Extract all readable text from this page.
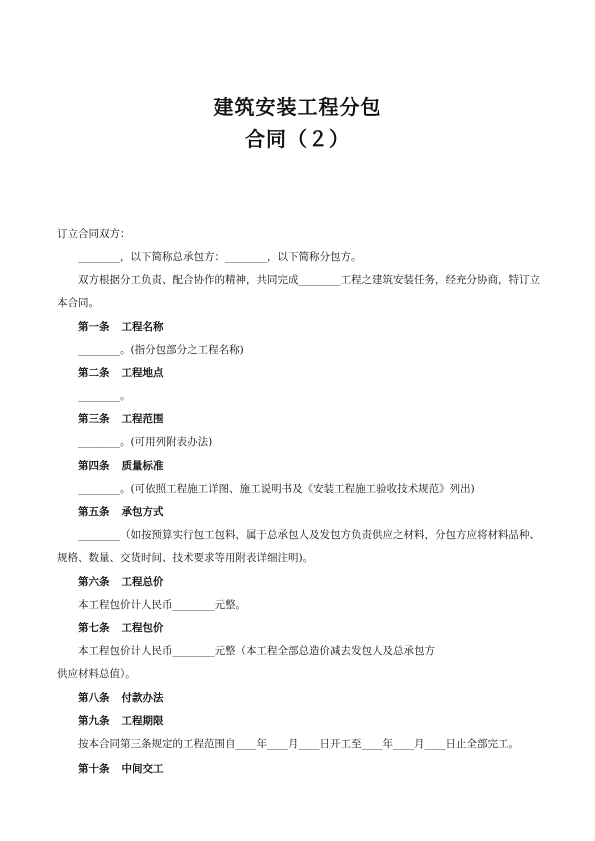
建筑安装工程分包
合同（２）
订立合同双方：
________，以下简称总承包方：________，以下简称分包方。
双方根据分工负责、配合协作的精神，共同完成________工程之建筑安装任务，经充分协商，特订立
本合同。
第一条 工程名称
________。(指分包部分之工程名称)
第二条 工程地点
________。
第三条 工程范围
________。(可用列附表办法)
第四条 质量标准
________。(可依照工程施工详图、施工说明书及《安装工程施工验收技术规范》列出)
第五条 承包方式
________（如按预算实行包工包料，属于总承包人及发包方负责供应之材料，分包方应将材料品种、
规格、数量、交货时间、技术要求等用附表详细注明)。
第六条 工程总价
本工程包价计人民币________元整。
第七条 工程包价
本工程包价计人民币________元整（本工程全部总造价减去发包人及总承包方
供应材料总值）。
第八条 付款办法
第九条 工程期限
按本合同第三条规定的工程范围自____年____月____日开工至____年____月____日止全部完工。
第十条 中间交工
